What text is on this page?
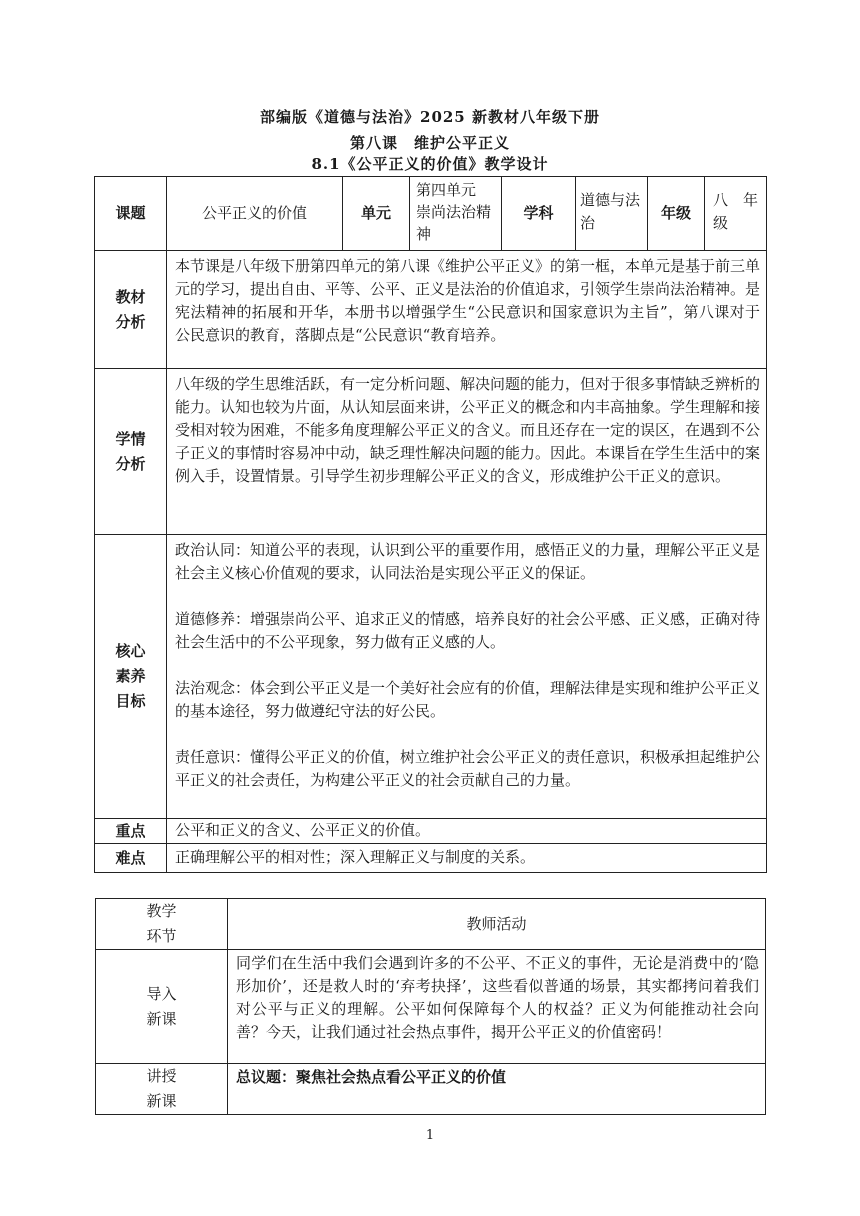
部编版《道德与法治》2025 新教材八年级下册
第八课　维护公平正义
8.1《公平正义的价值》教学设计
课题	公平正义的价值	单元	第四单元　崇尚法治精神	学科	道德与法治	年级	八　年级
教材分析	本节课是八年级下册第四单元的第八课《维护公平正义》的第一框，本单元是基于前三单元的学习，提出自由、平等、公平、正义是法治的价值追求，引领学生崇尚法治精神。是宪法精神的拓展和开华，本册书以增强学生“公民意识和国家意识为主旨”，第八课对于公民意识的教育，落脚点是“公民意识“教育培养。						
学情分析	八年级的学生思维活跃，有一定分析问题、解决问题的能力，但对于很多事情缺乏辨析的能力。认知也较为片面，从认知层面来讲，公平正义的概念和内丰高抽象。学生理解和接受相对较为困难，不能多角度理解公平正义的含义。而且还存在一定的误区，在遇到不公子正义的事情时容易冲中动，缺乏理性解决问题的能力。因此。本课旨在学生生活中的案例入手，设置情景。引导学生初步理解公平正义的含义，形成维护公干正义的意识。						
核心素养目标	政治认同：知道公平的表现，认识到公平的重要作用，感悟正义的力量，理解公平正义是社会主义核心价值观的要求，认同法治是实现公平正义的保证。

道德修养：增强崇尚公平、追求正义的情感，培养良好的社会公平感、正义感，正确对待社会生活中的不公平现象，努力做有正义感的人。

法治观念：体会到公平正义是一个美好社会应有的价值，理解法律是实现和维护公平正义的基本途径，努力做遵纪守法的好公民。

责任意识：懂得公平正义的价值，树立维护社会公平正义的责任意识，积极承担起维护公平正义的社会责任，为构建公平正义的社会贡献自己的力量。						

重点	公平和正义的含义、公平正义的价值。						
难点	正确理解公平的相对性；深入理解正义与制度的关系。						
教学环节	教师活动
导入新课	同学们在生活中我们会遇到许多的不公平、不正义的事件，无论是消费中的‘隐形加价’，还是救人时的‘弃考抉择’，这些看似普通的场景，其实都拷问着我们对公平与正义的理解。公平如何保障每个人的权益？正义为何能推动社会向善？今天，让我们通过社会热点事件，揭开公平正义的价值密码！
讲授新课	总议题：聚焦社会热点看公平正义的价值
1
